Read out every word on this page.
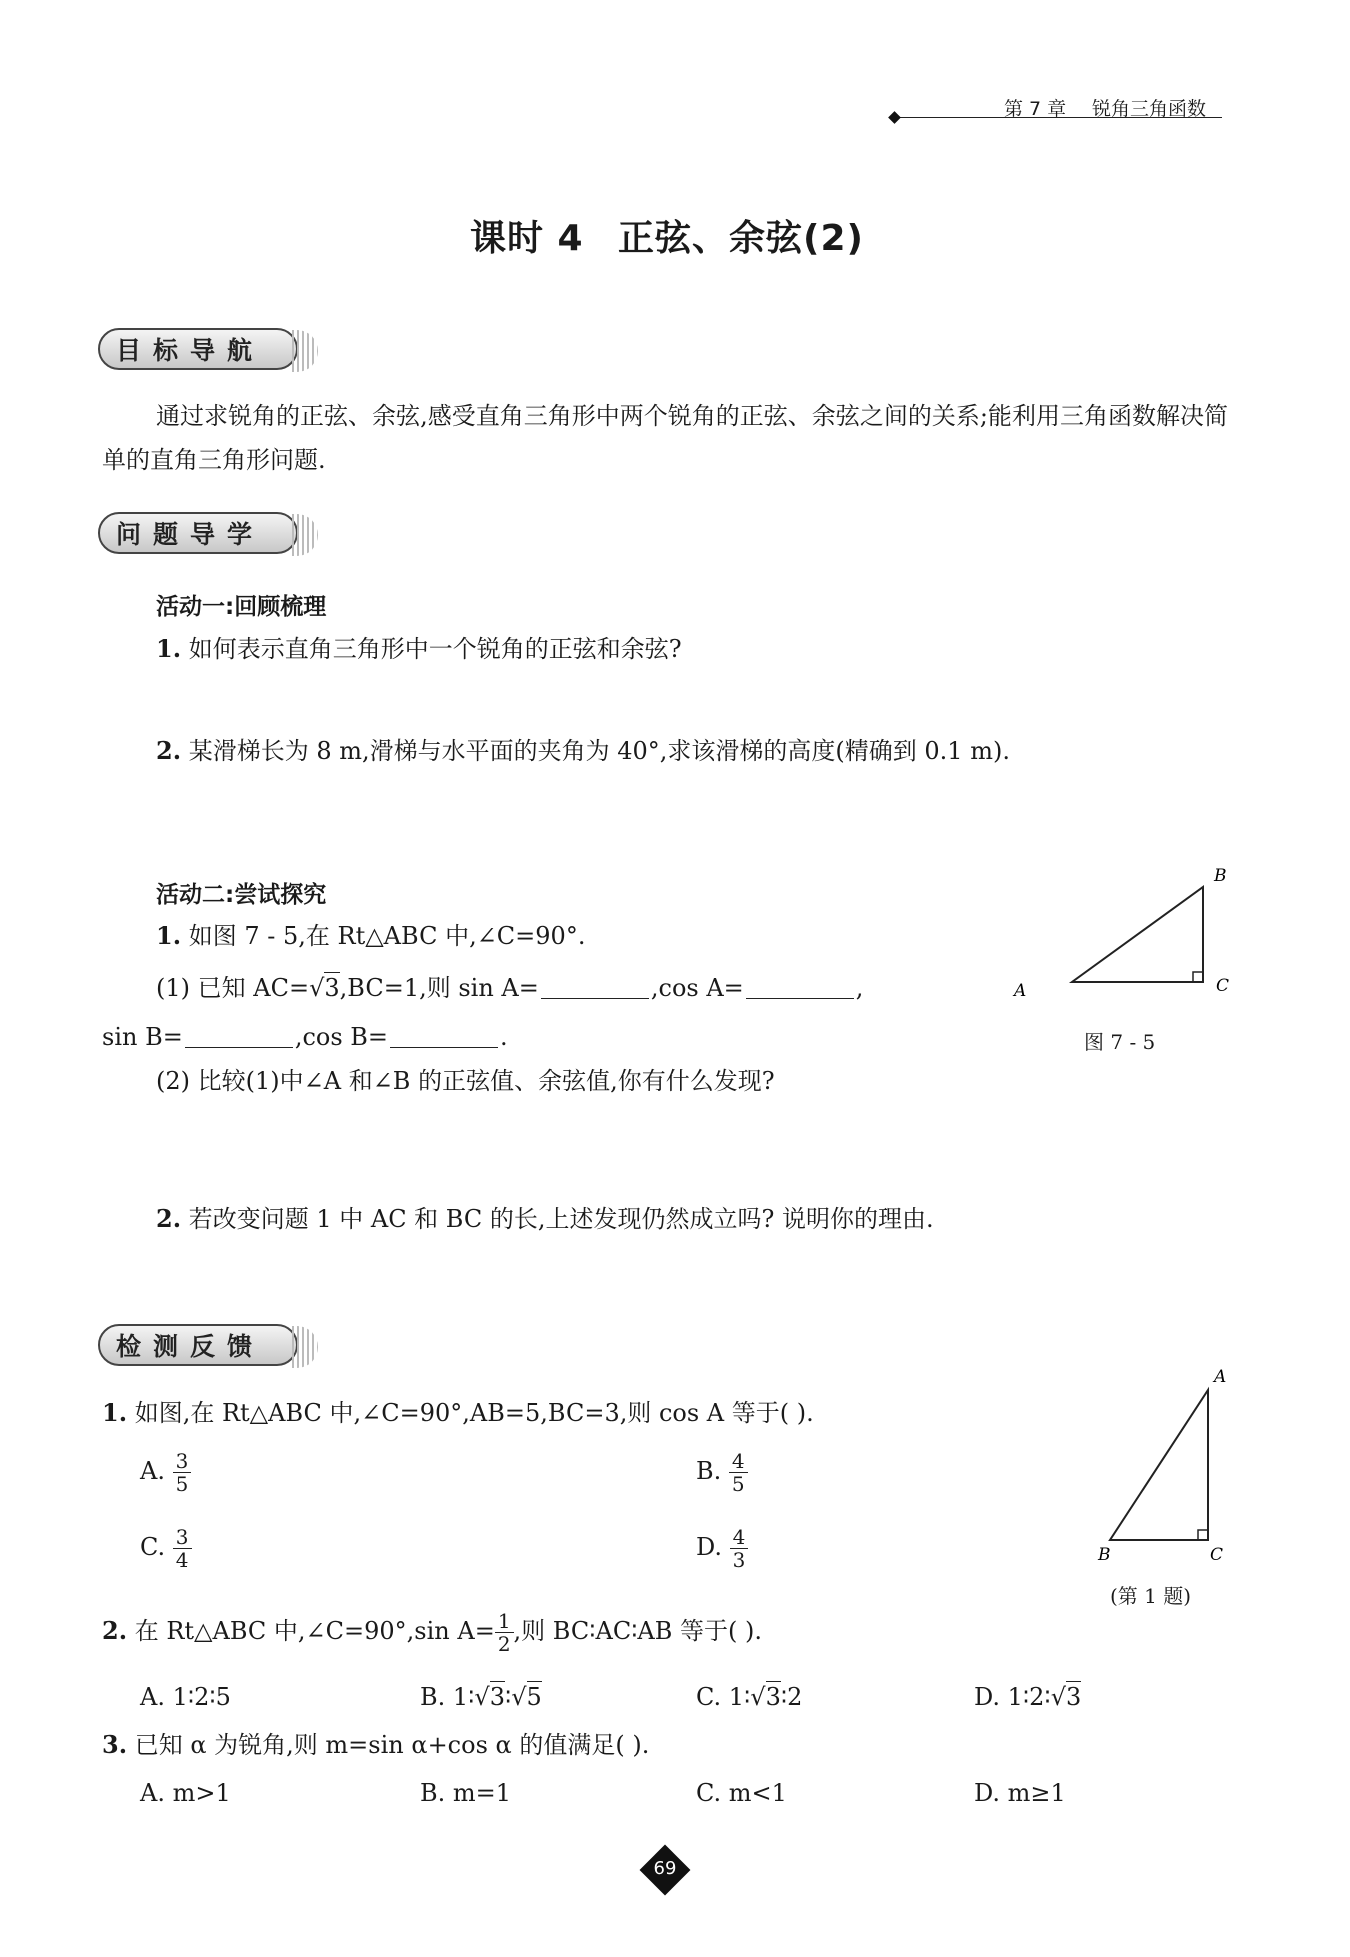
第 7 章 锐角三角函数
课时 4 正弦、余弦(2)
目标导航
通过求锐角的正弦、余弦,感受直角三角形中两个锐角的正弦、余弦之间的关系;能利用三角函数解决简单的直角三角形问题.
问题导学
活动一:回顾梳理
1. 如何表示直角三角形中一个锐角的正弦和余弦?
2. 某滑梯长为 8 m,滑梯与水平面的夹角为 40°,求该滑梯的高度(精确到 0.1 m).
活动二:尝试探究
1. 如图 7 - 5,在 Rt△ABC 中,∠C=90°.
(1) 已知 AC=√3,BC=1,则 sin A=	,cos A=	,
sin B=	,cos B=	.
(2) 比较(1)中∠A 和∠B 的正弦值、余弦值,你有什么发现?
2. 若改变问题 1 中 AC 和 BC 的长,上述发现仍然成立吗? 说明你的理由.
B
C
A
图 7 - 5
检测反馈
1. 如图,在 Rt△ABC 中,∠C=90°,AB=5,BC=3,则 cos A 等于( ).
A. $\frac{3}{5}$	B. $\frac{4}{5}$
C. $\frac{3}{4}$	D. $\frac{4}{3}$
A
B	C
(第 1 题)
2. 在 Rt△ABC 中,∠C=90°,sin $A= \frac{1}{2}$ ,则 BC∶AC∶AB 等于( ).
A. 1∶2∶5	B. 1∶√3∶√5	C. 1∶√3∶2	D. 1∶2∶√3
3. 已知 α 为锐角,则 m=sin α+cos α 的值满足( ).
A. m>1	B. m=1	C. m<1	D. m≥1
69
